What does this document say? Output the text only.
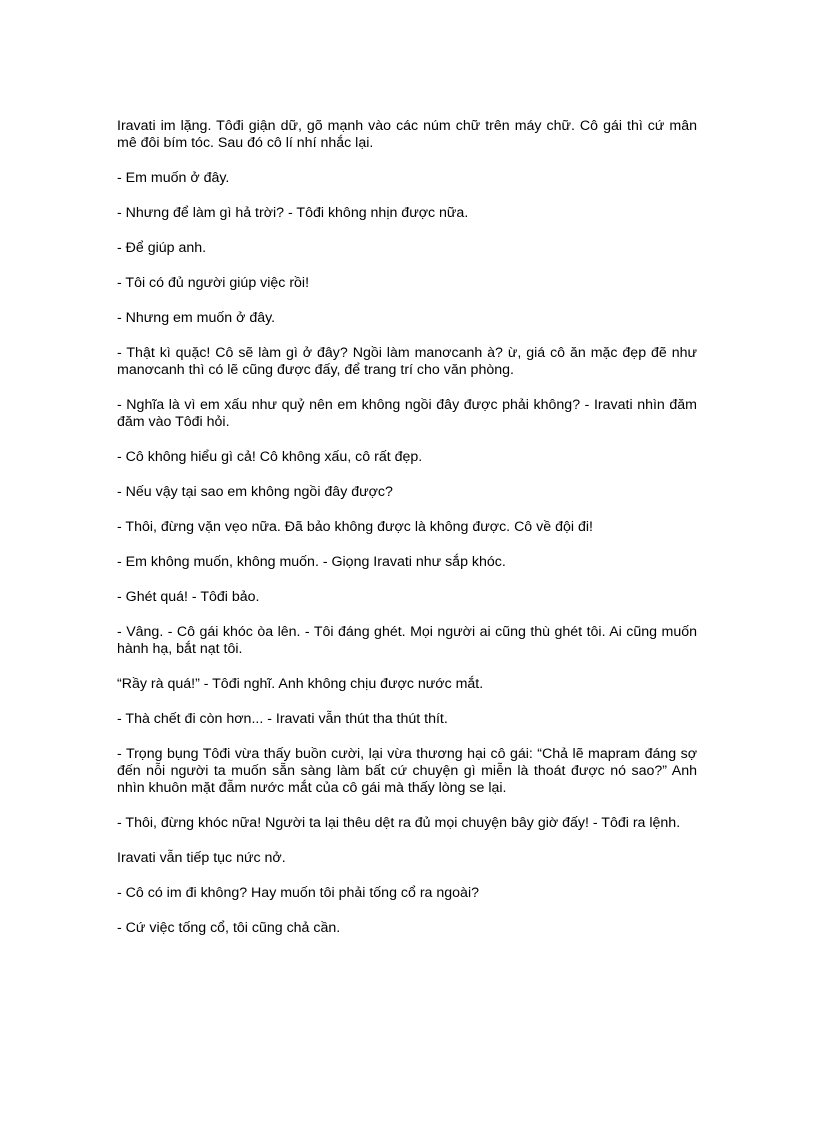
Iravati im lặng. Tôđi giận dữ, gõ mạnh vào các núm chữ trên máy chữ. Cô gái thì cứ mân mê đôi bím tóc. Sau đó cô lí nhí nhắc lại.

- Em muốn ở đây.

- Nhưng để làm gì hả trời? - Tôđi không nhịn được nữa.

- Để giúp anh.

- Tôi có đủ người giúp việc rồi!

- Nhưng em muốn ở đây.

- Thật kì quặc! Cô sẽ làm gì ở đây? Ngồi làm manơcanh à? ừ, giá cô ăn mặc đẹp đẽ như manơcanh thì có lẽ cũng được đấy, để trang trí cho văn phòng.

- Nghĩa là vì em xấu như quỷ nên em không ngồi đây được phải không? - Iravati nhìn đăm đăm vào Tôđi hỏi.

- Cô không hiểu gì cả! Cô không xấu, cô rất đẹp.

- Nếu vậy tại sao em không ngồi đây được?

- Thôi, đừng vặn vẹo nữa. Đã bảo không được là không được. Cô về đội đi!

- Em không muốn, không muốn. - Giọng Iravati như sắp khóc.

- Ghét quá! - Tôđi bảo.

- Vâng. - Cô gái khóc òa lên. - Tôi đáng ghét. Mọi người ai cũng thù ghét tôi. Ai cũng muốn hành hạ, bắt nạt tôi.

“Rầy rà quá!” - Tôđi nghĩ. Anh không chịu được nước mắt.

- Thà chết đi còn hơn... - Iravati vẫn thút tha thút thít.

- Trọng bụng Tôđi vừa thấy buồn cười, lại vừa thương hại cô gái: “Chả lẽ mapram đáng sợ đến nỗi người ta muốn sẵn sàng làm bất cứ chuyện gì miễn là thoát được nó sao?” Anh nhìn khuôn mặt đẫm nước mắt của cô gái mà thấy lòng se lại.

- Thôi, đừng khóc nữa! Người ta lại thêu dệt ra đủ mọi chuyện bây giờ đấy! - Tôđi ra lệnh.

Iravati vẫn tiếp tục nức nở.

- Cô có im đi không? Hay muốn tôi phải tống cổ ra ngoài?

- Cứ việc tống cổ, tôi cũng chả cần.
